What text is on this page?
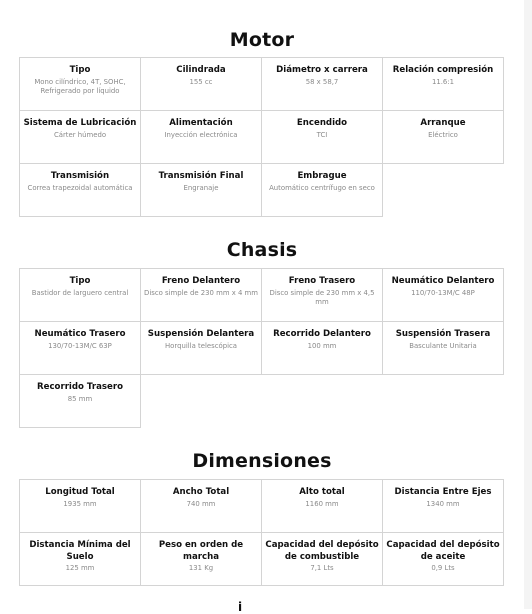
Motor
Tipo
Mono cilíndrico, 4T, SOHC, Refrigerado por líquido
Cilindrada
155 cc
Diámetro x carrera
58 x 58,7
Relación compresión
11.6:1
Sistema de Lubricación
Cárter húmedo
Alimentación
Inyección electrónica
Encendido
TCI
Arranque
Eléctrico
Transmisión
Correa trapezoidal automática
Transmisión Final
Engranaje
Embrague
Automático centrífugo en seco
Chasis
Tipo
Bastidor de larguero central
Freno Delantero
Disco simple de 230 mm x 4 mm
Freno Trasero
Disco simple de 230 mm x 4,5 mm
Neumático Delantero
110/70-13M/C 48P
Neumático Trasero
130/70-13M/C 63P
Suspensión Delantera
Horquilla telescópica
Recorrido Delantero
100 mm
Suspensión Trasera
Basculante Unitaria
Recorrido Trasero
85 mm
Dimensiones
Longitud Total
1935 mm
Ancho Total
740 mm
Alto total
1160 mm
Distancia Entre Ejes
1340 mm
Distancia Mínima del Suelo
125 mm
Peso en orden de marcha
131 Kg
Capacidad del depósito de combustible
7,1 Lts
Capacidad del depósito de aceite
0,9 Lts
i
